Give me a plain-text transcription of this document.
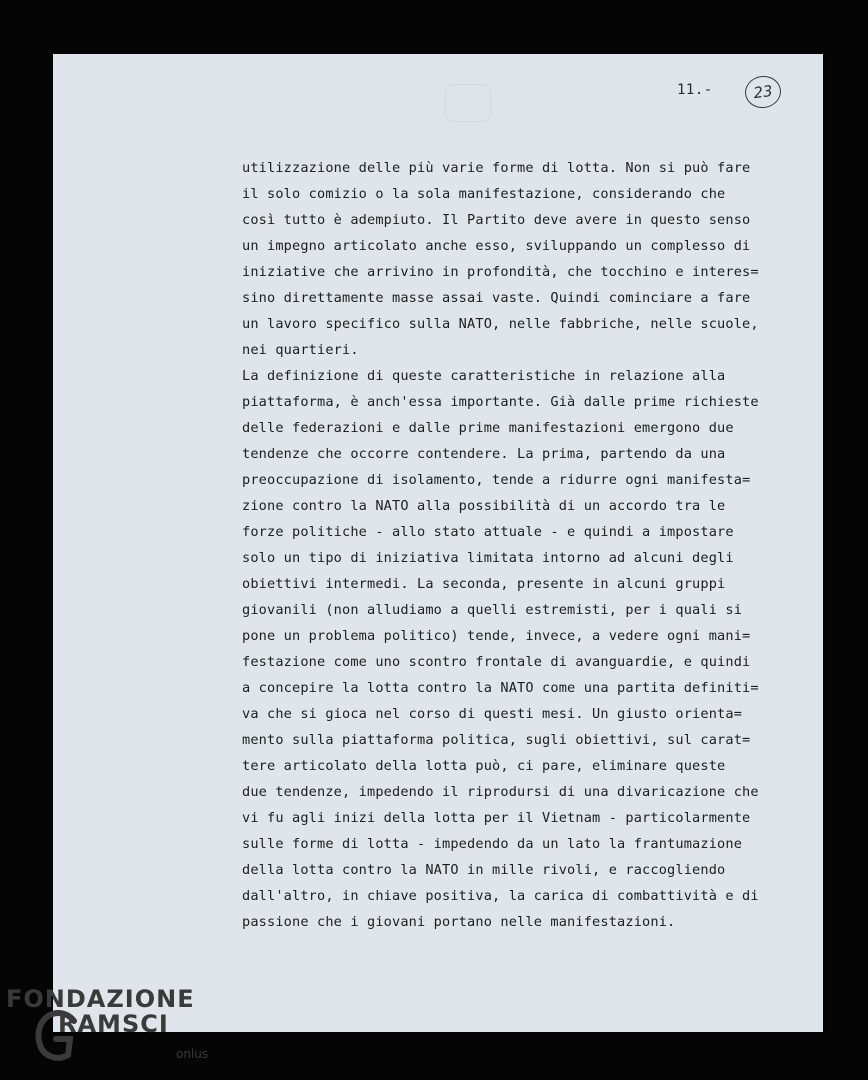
11.-	23
utilizzazione delle più varie forme di lotta. Non si può fare
il solo comizio o la sola manifestazione, considerando che
così tutto è adempiuto. Il Partito deve avere in questo senso
un impegno articolato anche esso, sviluppando un complesso di
iniziative che arrivino in profondità, che tocchino e interes=
sino direttamente masse assai vaste. Quindi cominciare a fare
un lavoro specifico sulla NATO, nelle fabbriche, nelle scuole,
nei quartieri.
La definizione di queste caratteristiche in relazione alla
piattaforma, è anch'essa importante. Già dalle prime richieste
delle federazioni e dalle prime manifestazioni emergono due
tendenze che occorre contendere. La prima, partendo da una
preoccupazione di isolamento, tende a ridurre ogni manifesta=
zione contro la NATO alla possibilità di un accordo tra le
forze politiche - allo stato attuale - e quindi a impostare
solo un tipo di iniziativa limitata intorno ad alcuni degli
obiettivi intermedi. La seconda, presente in alcuni gruppi
giovanili (non alludiamo a quelli estremisti, per i quali si
pone un problema politico) tende, invece, a vedere ogni mani=
festazione come uno scontro frontale di avanguardie, e quindi
a concepire la lotta contro la NATO come una partita definiti=
va che si gioca nel corso di questi mesi. Un giusto orienta=
mento sulla piattaforma politica, sugli obiettivi, sul carat=
tere articolato della lotta può, ci pare, eliminare queste
due tendenze, impedendo il riprodursi di una divaricazione che
vi fu agli inizi della lotta per il Vietnam - particolarmente
sulle forme di lotta - impedendo da un lato la frantumazione
della lotta contro la NATO in mille rivoli, e raccogliendo
dall'altro, in chiave positiva, la carica di combattività e di
passione che i giovani portano nelle manifestazioni.
FONDAZIONE
RAMSCI
onlus
